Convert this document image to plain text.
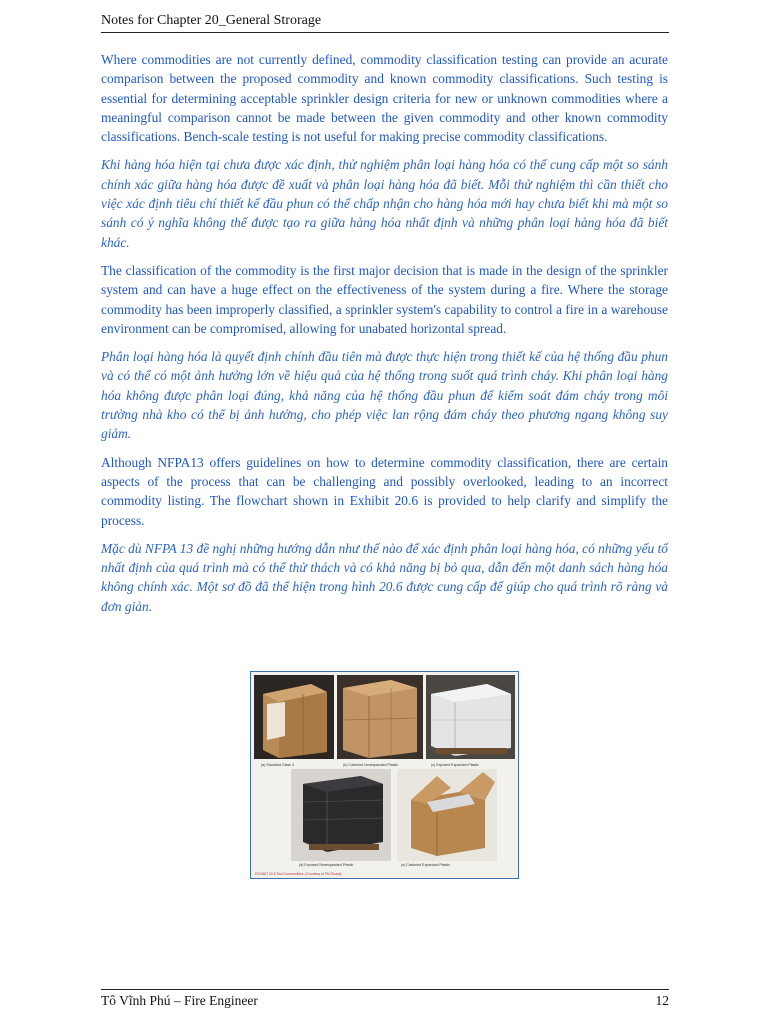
Notes for Chapter 20_General Strorage

Where commodities are not currently defined, commodity classification testing can provide an acurate comparison between the proposed commodity and known commodity classifications. Such testing is essential for determining acceptable sprinkler design criteria for new or unknown commodities where a meaningful comparison cannot be made between the given commodity and other known commodity classifications. Bench-scale testing is not useful for making precise commodity classifications.

Khi hàng hóa hiện tại chưa được xác định, thử nghiệm phân loại hàng hóa có thể cung cấp một so sánh chính xác giữa hàng hóa được đề xuất và phân loại hàng hóa đã biết. Mỗi thử nghiệm thì cần thiết cho việc xác định tiêu chí thiết kế đầu phun có thể chấp nhận cho hàng hóa mới hay chưa biết khi mà một so sánh có ý nghĩa không thể được tạo ra giữa hàng hóa nhất định và những phân loại hàng hóa đã biết khác.

The classification of the commodity is the first major decision that is made in the design of the sprinkler system and can have a huge effect on the effectiveness of the system during a fire. Where the storage commodity has been improperly classified, a sprinkler system's capability to control a fire in a warehouse environment can be compromised, allowing for unabated horizontal spread.

Phân loại hàng hóa là quyết định chính đầu tiên mà được thực hiện trong thiết kế của hệ thống đầu phun và có thể có một ảnh hưởng lớn về hiệu quả của hệ thống trong suốt quá trình cháy. Khi phân loại hàng hóa không được phân loại đúng, khả năng của hệ thống đầu phun để kiểm soát đám cháy trong môi trường nhà kho có thể bị ảnh hưởng, cho phép việc lan rộng đám cháy theo phương ngang không suy giảm.

Although NFPA13 offers guidelines on how to determine commodity classification, there are certain aspects of the process that can be challenging and possibly overlooked, leading to an incorrect commodity listing. The flowchart shown in Exhibit 20.6 is provided to help clarify and simplify the process.

Mặc dù NFPA 13 đề nghị những hướng dẫn như thế nào để xác định phân loại hàng hóa, có những yếu tố nhất định của quá trình mà có thể thử thách và có khả năng bị bỏ qua, dẫn đến một danh sách hàng hóa không chính xác. Một sơ đồ đã thể hiện trong hình 20.6 được cung cấp để giúp cho quá trình rõ ràng và đơn giản.

(a) Standard Class 3	(b) Cartoned Nonexpanded Plastic	(c) Exposed Expanded Plastic
(d) Exposed Nonexpanded Plastic	(e) Cartoned Expanded Plastic
EXHIBIT 20.5 Test Commodities. (Courtesy of FM Global)
Tô Vĩnh Phú – Fire Engineer	12
